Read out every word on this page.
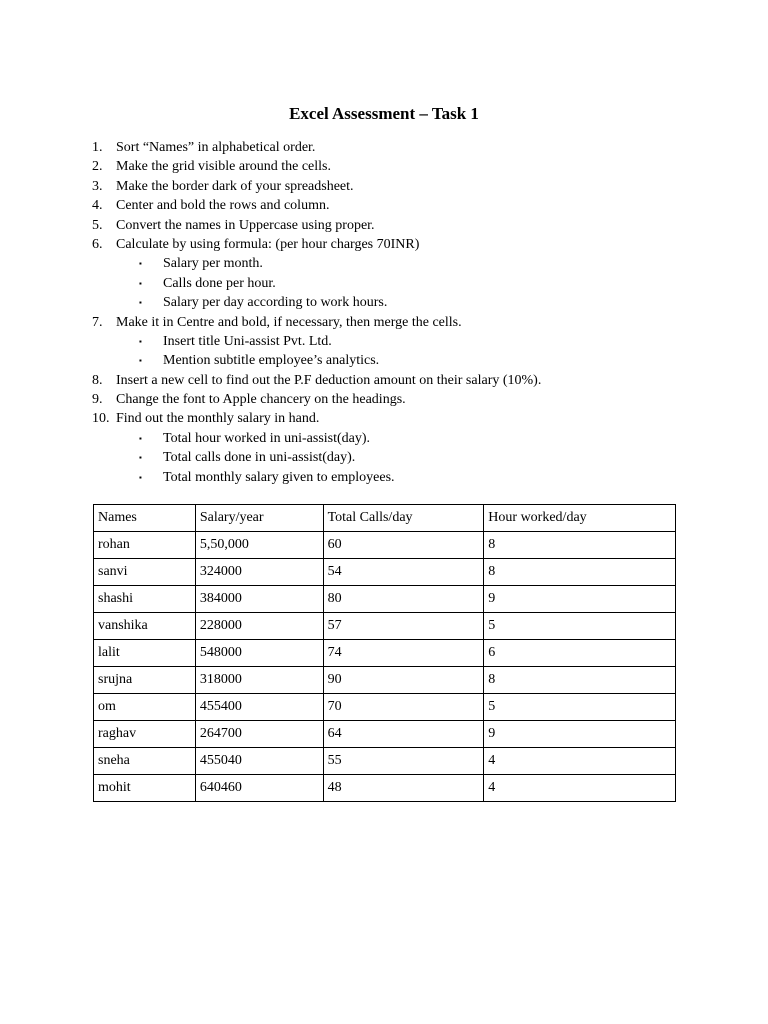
Excel Assessment – Task 1
1. Sort “Names” in alphabetical order.
2. Make the grid visible around the cells.
3. Make the border dark of your spreadsheet.
4. Center and bold the rows and column.
5. Convert the names in Uppercase using proper.
6. Calculate by using formula: (per hour charges 70INR)
▪ Salary per month.
▪ Calls done per hour.
▪ Salary per day according to work hours.
7. Make it in Centre and bold, if necessary, then merge the cells.
▪ Insert title Uni-assist Pvt. Ltd.
▪ Mention subtitle employee’s analytics.
8. Insert a new cell to find out the P.F deduction amount on their salary (10%).
9. Change the font to Apple chancery on the headings.
10. Find out the monthly salary in hand.
▪ Total hour worked in uni-assist(day).
▪ Total calls done in uni-assist(day).
▪ Total monthly salary given to employees.
Names	Salary/year	Total Calls/day	Hour worked/day
rohan	5,50,000	60	8
sanvi	324000	54	8
shashi	384000	80	9
vanshika	228000	57	5
lalit	548000	74	6
srujna	318000	90	8
om	455400	70	5
raghav	264700	64	9
sneha	455040	55	4
mohit	640460	48	4
